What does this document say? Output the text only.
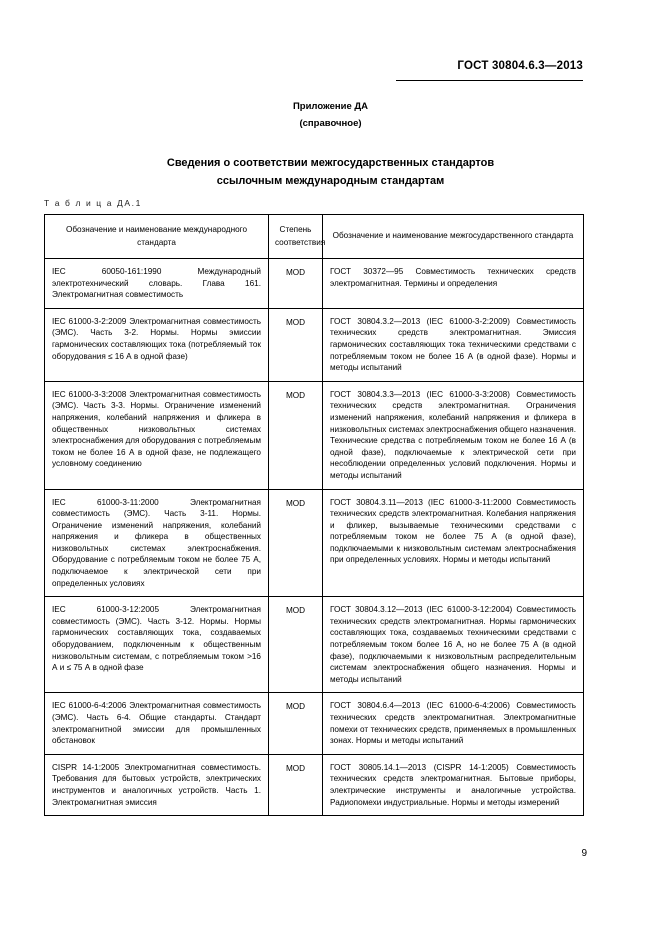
ГОСТ 30804.6.3—2013
Приложение ДА
(справочное)
Сведения о соответствии межгосударственных стандартов
ссылочным международным стандартам
Т а б л и ц а ДА.1
Обозначение и наименование международного стандарта	Степень соответствия	Обозначение и наименование межгосударственного стандарта
IEC 60050-161:1990 Международный электротехнический словарь. Глава 161. Электромагнитная совместимость	MOD	ГОСТ 30372—95 Совместимость технических средств электромагнитная. Термины и определения
IEC 61000-3-2:2009 Электромагнитная совместимость (ЭМС). Часть 3-2. Нормы. Нормы эмиссии гармонических составляющих тока (потребляемый ток оборудования ≤ 16 А в одной фазе)	MOD	ГОСТ 30804.3.2—2013 (IEC 61000-3-2:2009) Совместимость технических средств электромагнитная. Эмиссия гармонических составляющих тока техническими средствами с потребляемым током не более 16 А (в одной фазе). Нормы и методы испытаний
IEC 61000-3-3:2008 Электромагнитная совместимость (ЭМС). Часть 3-3. Нормы. Ограничение изменений напряжения, колебаний напряжения и фликера в общественных низковольтных системах электроснабжения для оборудования с потребляемым током не более 16 А в одной фазе, не подлежащего условному соединению	MOD	ГОСТ 30804.3.3—2013 (IEC 61000-3-3:2008) Совместимость технических средств электромагнитная. Ограничения изменений напряжения, колебаний напряжения и фликера в низковольтных системах электроснабжения общего назначения. Технические средства с потребляемым током не более 16 А (в одной фазе), подключаемые к электрической сети при несоблюдении определенных условий подключения. Нормы и методы испытаний
IEC 61000-3-11:2000 Электромагнитная совместимость (ЭМС). Часть 3-11. Нормы. Ограничение изменений напряжения, колебаний напряжения и фликера в общественных низковольтных системах электроснабжения. Оборудование с потребляемым током не более 75 А, подключаемое к электрической сети при определенных условиях	MOD	ГОСТ 30804.3.11—2013 (IEC 61000-3-11:2000 Совместимость технических средств электромагнитная. Колебания напряжения и фликер, вызываемые техническими средствами с потребляемым током не более 75 А (в одной фазе), подключаемыми к низковольтным системам электроснабжения при определенных условиях. Нормы и методы испытаний
IEC 61000-3-12:2005 Электромагнитная совместимость (ЭМС). Часть 3-12. Нормы. Нормы гармонических составляющих тока, создаваемых оборудованием, подключенным к общественным низковольтным системам, с потребляемым током >16 А и ≤ 75 А в одной фазе	MOD	ГОСТ 30804.3.12—2013 (IEC 61000-3-12:2004) Совместимость технических средств электромагнитная. Нормы гармонических составляющих тока, создаваемых техническими средствами с потребляемым током более 16 А, но не более 75 А (в одной фазе), подключаемыми к низковольтным распределительным системам электроснабжения общего назначения. Нормы и методы испытаний
IEC 61000-6-4:2006 Электромагнитная совместимость (ЭМС). Часть 6-4. Общие стандарты. Стандарт электромагнитной эмиссии для промышленных обстановок	MOD	ГОСТ 30804.6.4—2013 (IEC 61000-6-4:2006) Совместимость технических средств электромагнитная. Электромагнитные помехи от технических средств, применяемых в промышленных зонах. Нормы и методы испытаний
CISPR 14-1:2005 Электромагнитная совместимость. Требования для бытовых устройств, электрических инструментов и аналогичных устройств. Часть 1. Электромагнитная эмиссия	MOD	ГОСТ 30805.14.1—2013 (CISPR 14-1:2005) Совместимость технических средств электромагнитная. Бытовые приборы, электрические инструменты и аналогичные устройства. Радиопомехи индустриальные. Нормы и методы измерений
9
